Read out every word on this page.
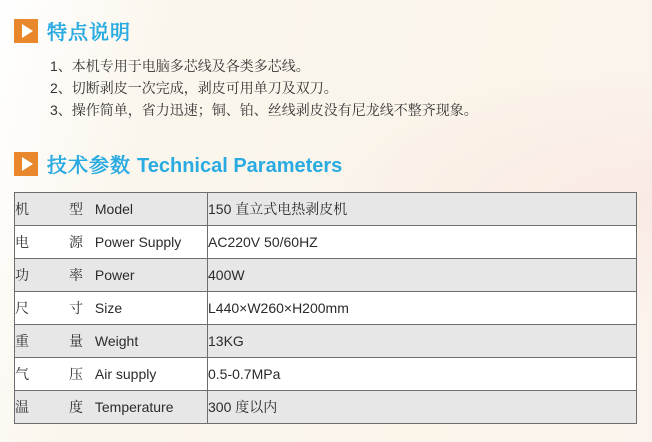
特点说明
1、本机专用于电脑多芯线及各类多芯线。
2、切断剥皮一次完成，剥皮可用单刀及双刀。
3、操作简单，省力迅速；铜、铂、丝线剥皮没有尼龙线不整齐现象。
技术参数 Technical Parameters
机 型 Model	150 直立式电热剥皮机

电 源 Power Supply	AC220V 50/60HZ

功 率 Power	400W

尺 寸 Size	L440×W260×H200mm

重 量 Weight	13KG

气 压 Air supply	0.5-0.7MPa

温 度 Temperature	300 度以内
